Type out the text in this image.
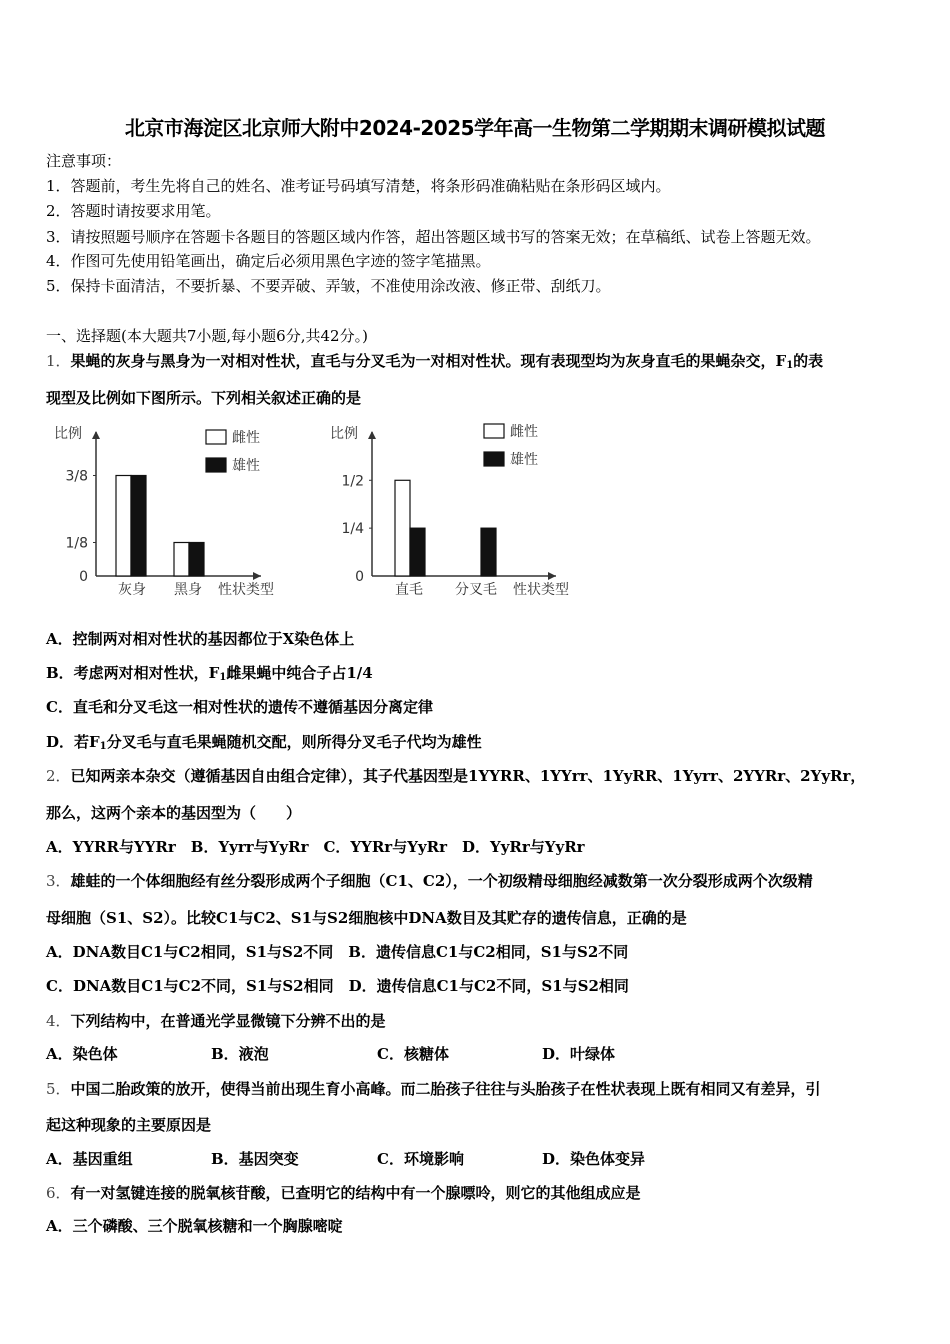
北京市海淀区北京师大附中2024-2025学年高一生物第二学期期末调研模拟试题
注意事项：
1．答题前，考生先将自己的姓名、准考证号码填写清楚，将条形码准确粘贴在条形码区域内。
2．答题时请按要求用笔。
3．请按照题号顺序在答题卡各题目的答题区域内作答，超出答题区域书写的答案无效；在草稿纸、试卷上答题无效。
4．作图可先使用铅笔画出，确定后必须用黑色字迹的签字笔描黑。
5．保持卡面清洁，不要折暴、不要弄破、弄皱，不准使用涂改液、修正带、刮纸刀。
一、选择题(本大题共7小题,每小题6分,共42分。)
1．果蝇的灰身与黑身为一对相对性状，直毛与分叉毛为一对相对性状。现有表现型均为灰身直毛的果蝇杂交，$F_1$的表
现型及比例如下图所示。下列相关叙述正确的是
比例
3/8
1/8
0
灰身 黑身 性状类型
雌性
雄性
比例
1/2
1/4
0
直毛 分叉毛 性状类型
雌性
雄性
A．控制两对相对性状的基因都位于X染色体上
B．考虑两对相对性状，$F_1$雌果蝇中纯合子占1/4
C．直毛和分叉毛这一相对性状的遗传不遵循基因分离定律
D．若$F_1$分叉毛与直毛果蝇随机交配，则所得分叉毛子代均为雄性
2．已知两亲本杂交（遵循基因自由组合定律），其子代基因型是1YYRR、1YYrr、1YyRR、1Yyrr、2YYRr、2YyRr，
那么，这两个亲本的基因型为（　　）
A．YYRR与YYRr　B．Yyrr与YyRr　C．YYRr与YyRr　D．YyRr与YyRr
3．雄蛙的一个体细胞经有丝分裂形成两个子细胞（C1、C2），一个初级精母细胞经减数第一次分裂形成两个次级精
母细胞（S1、S2）。比较C1与C2、S1与S2细胞核中DNA数目及其贮存的遗传信息，正确的是
A．DNA数目C1与C2相同，S1与S2不同　B．遗传信息C1与C2相同，S1与S2不同
C．DNA数目C1与C2不同，S1与S2相同　D．遗传信息C1与C2不同，S1与S2相同
4．下列结构中，在普通光学显微镜下分辨不出的是
A．染色体	B．液泡	C．核糖体	D．叶绿体
5．中国二胎政策的放开，使得当前出现生育小高峰。而二胎孩子往往与头胎孩子在性状表现上既有相同又有差异，引
起这种现象的主要原因是
A．基因重组	B．基因突变	C．环境影响	D．染色体变异
6．有一对氢键连接的脱氧核苷酸，已查明它的结构中有一个腺嘌呤，则它的其他组成应是
A．三个磷酸、三个脱氧核糖和一个胸腺嘧啶
